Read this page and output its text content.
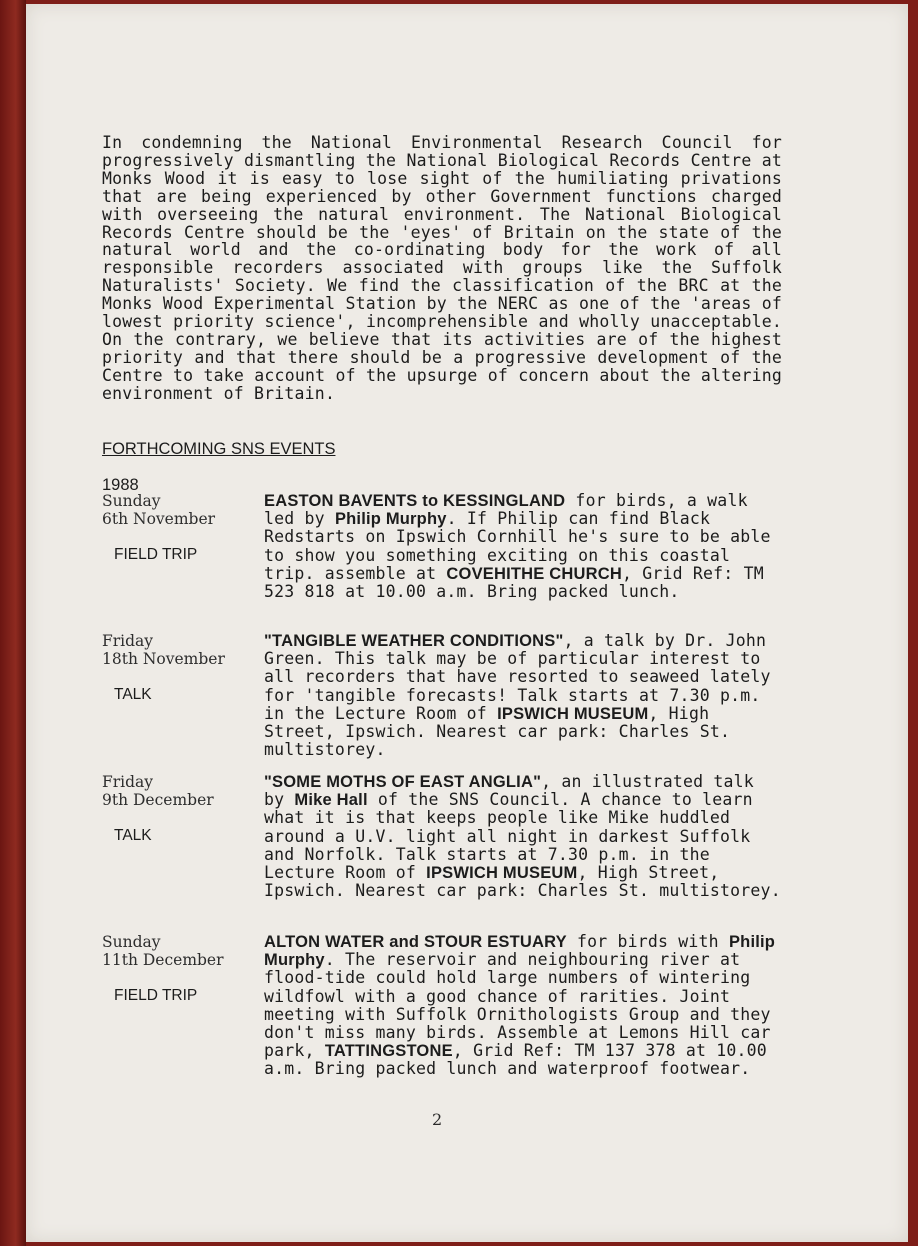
In condemning the National Environmental Research Council for progressively dismantling the National Biological Records Centre at Monks Wood it is easy to lose sight of the humiliating privations that are being experienced by other Government functions charged with overseeing the natural environment. The National Biological Records Centre should be the 'eyes' of Britain on the state of the natural world and the co-ordinating body for the work of all responsible recorders associated with groups like the Suffolk Naturalists' Society. We find the classification of the BRC at the Monks Wood Experimental Station by the NERC as one of the 'areas of lowest priority science', incomprehensible and wholly unacceptable. On the contrary, we believe that its activities are of the highest priority and that there should be a progressive development of the Centre to take account of the upsurge of concern about the altering environment of Britain.

FORTHCOMING SNS EVENTS
1988
Sunday
6th November
FIELD TRIP

EASTON BAVENTS to KESSINGLAND for birds, a walk led by Philip Murphy. If Philip can find Black Redstarts on Ipswich Cornhill he's sure to be able to show you something exciting on this coastal trip. assemble at COVEHITHE CHURCH, Grid Ref: TM 523 818 at 10.00 a.m. Bring packed lunch.

Friday
18th November
TALK

"TANGIBLE WEATHER CONDITIONS", a talk by Dr. John Green. This talk may be of particular interest to all recorders that have resorted to seaweed lately for 'tangible forecasts! Talk starts at 7.30 p.m. in the Lecture Room of IPSWICH MUSEUM, High Street, Ipswich. Nearest car park: Charles St. multistorey.

Friday
9th December
TALK

"SOME MOTHS OF EAST ANGLIA", an illustrated talk by Mike Hall of the SNS Council. A chance to learn what it is that keeps people like Mike huddled around a U.V. light all night in darkest Suffolk and Norfolk. Talk starts at 7.30 p.m. in the Lecture Room of IPSWICH MUSEUM, High Street, Ipswich. Nearest car park: Charles St. multistorey.

Sunday
11th December
FIELD TRIP

ALTON WATER and STOUR ESTUARY for birds with Philip Murphy. The reservoir and neighbouring river at flood-tide could hold large numbers of wintering wildfowl with a good chance of rarities. Joint meeting with Suffolk Ornithologists Group and they don't miss many birds. Assemble at Lemons Hill car park, TATTINGSTONE, Grid Ref: TM 137 378 at 10.00 a.m. Bring packed lunch and waterproof footwear.

2
